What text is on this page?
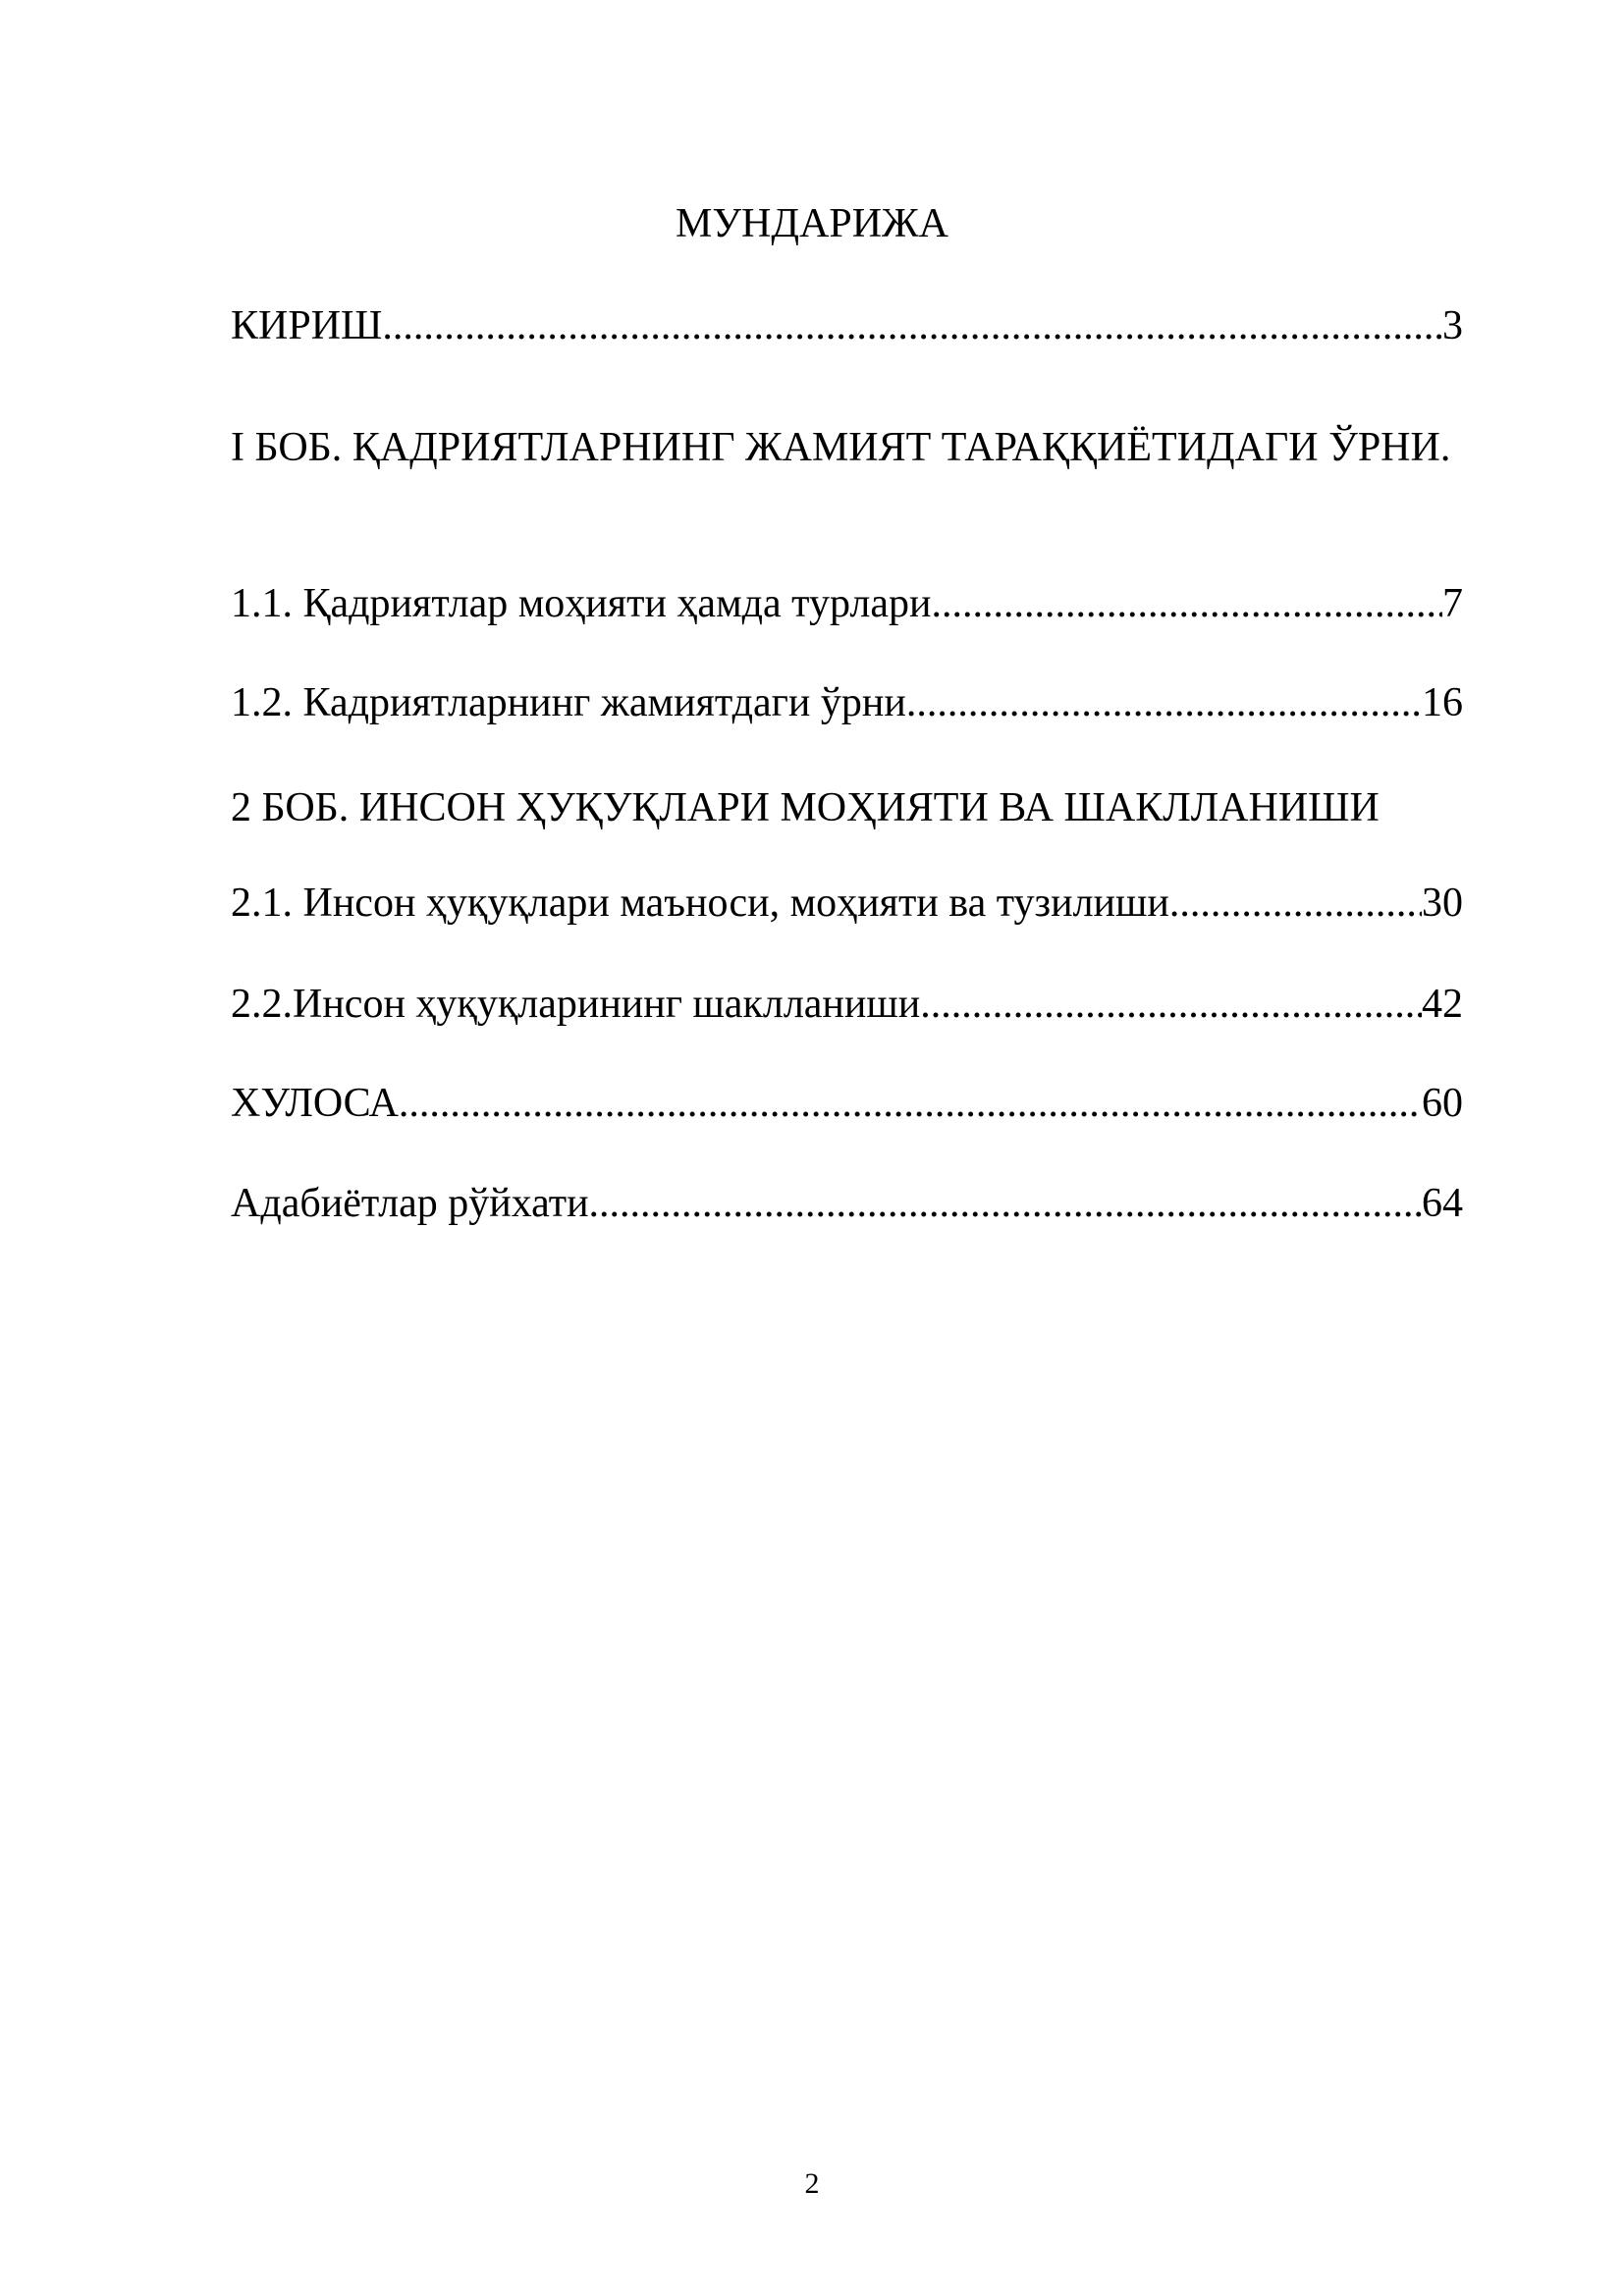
МУНДАРИЖА
КИРИШ .....	3
I БОБ. ҚАДРИЯТЛАРНИНГ ЖАМИЯТ ТАРАҚҚИЁТИДАГИ ЎРНИ.
1.1. Қадриятлар моҳияти ҳамда турлари .....	7
1.2. Кадриятларнинг жамиятдаги ўрни .....	16
2 БОБ. ИНСОН ҲУҚУҚЛАРИ МОҲИЯТИ ВА ШАКЛЛАНИШИ
2.1. Инсон ҳуқуқлари маъноси, моҳияти ва тузилиши .....	30
2.2.Инсон ҳуқуқларининг шаклланиши .....	42
ХУЛОСА .....	60
Адабиётлар рўйхати .....	64
2
